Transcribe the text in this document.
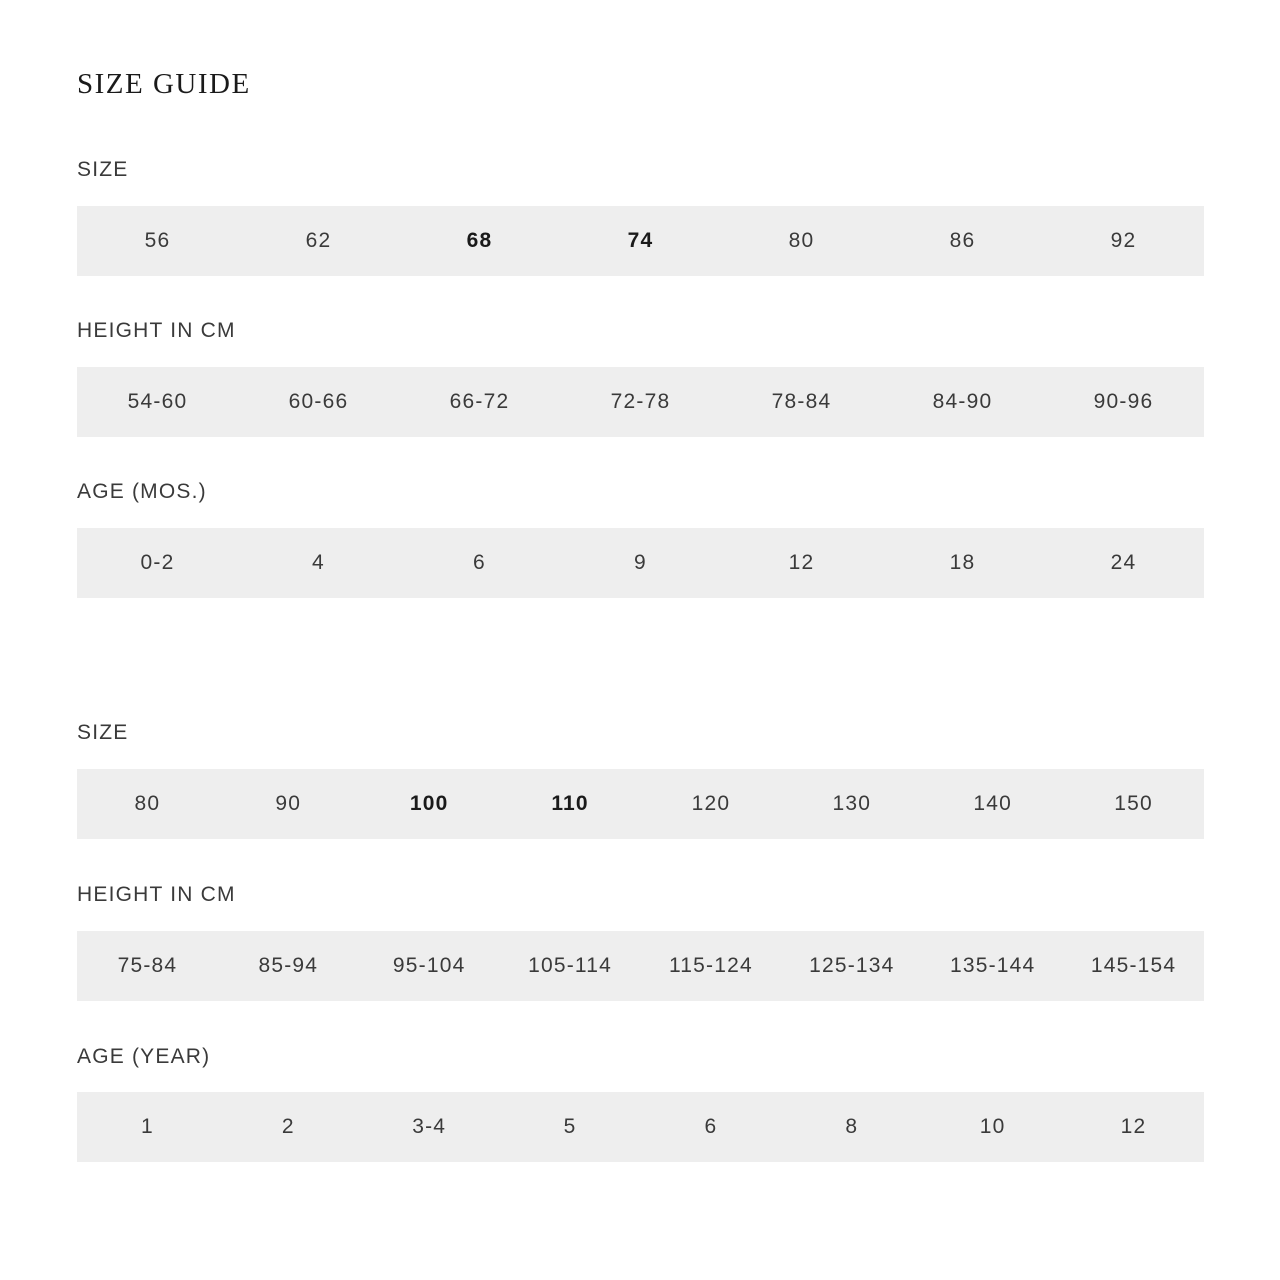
SIZE GUIDE
SIZE
56	62	68	74	80	86	92
HEIGHT IN CM
54-60	60-66	66-72	72-78	78-84	84-90	90-96
AGE (MOS.)
0-2	4	6	9	12	18	24
SIZE
80	90	100	110	120	130	140	150
HEIGHT IN CM
75-84	85-94	95-104	105-114	115-124	125-134	135-144	145-154
AGE (YEAR)
1	2	3-4	5	6	8	10	12
